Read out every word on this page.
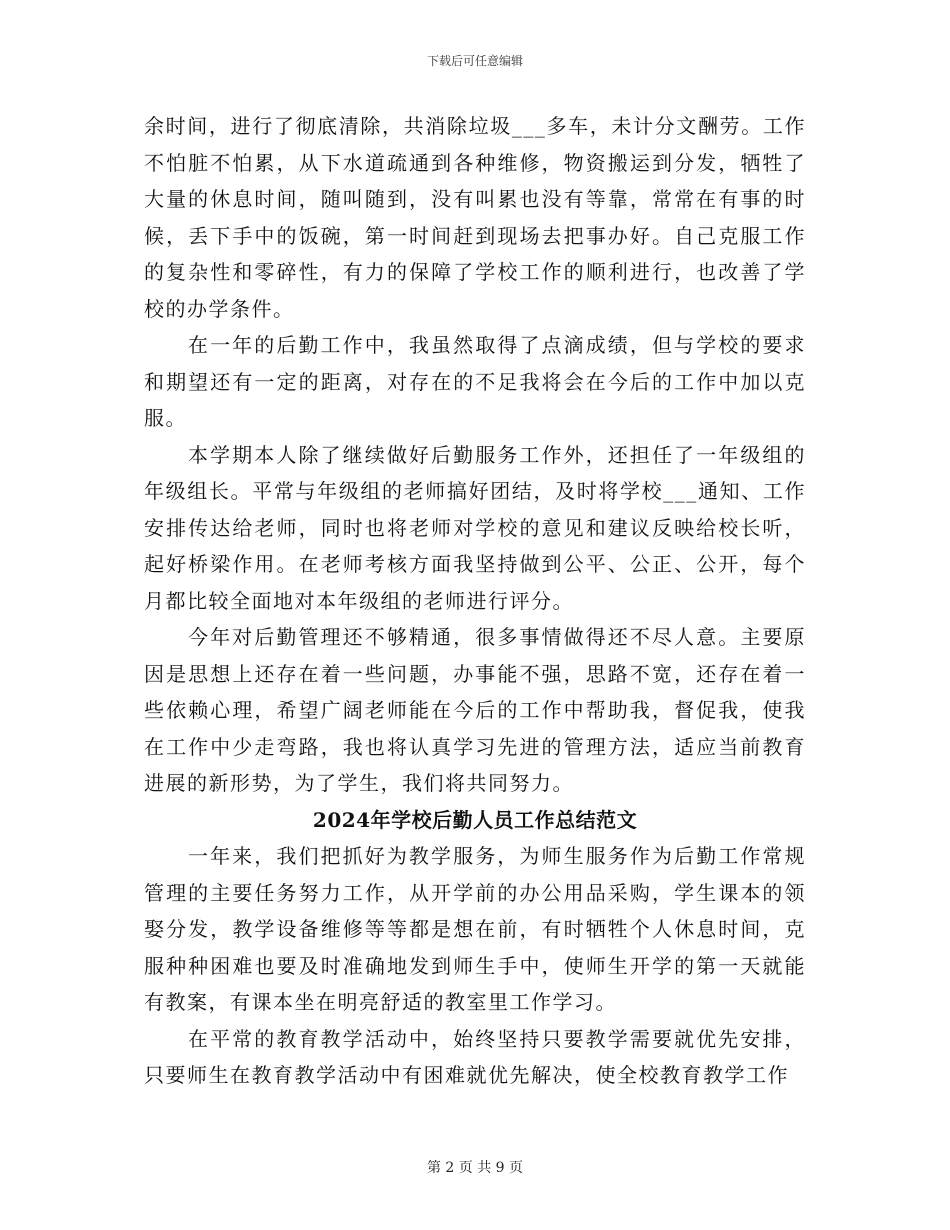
下载后可任意编辑

余时间，进行了彻底清除，共消除垃圾___多车，未计分文酬劳。工作不怕脏不怕累，从下水道疏通到各种维修，物资搬运到分发，牺牲了大量的休息时间，随叫随到，没有叫累也没有等靠，常常在有事的时候，丢下手中的饭碗，第一时间赶到现场去把事办好。自己克服工作的复杂性和零碎性，有力的保障了学校工作的顺利进行，也改善了学校的办学条件。

在一年的后勤工作中，我虽然取得了点滴成绩，但与学校的要求和期望还有一定的距离，对存在的不足我将会在今后的工作中加以克服。

本学期本人除了继续做好后勤服务工作外，还担任了一年级组的年级组长。平常与年级组的老师搞好团结，及时将学校___通知、工作安排传达给老师，同时也将老师对学校的意见和建议反映给校长听，起好桥梁作用。在老师考核方面我坚持做到公平、公正、公开，每个月都比较全面地对本年级组的老师进行评分。

今年对后勤管理还不够精通，很多事情做得还不尽人意。主要原因是思想上还存在着一些问题，办事能不强，思路不宽，还存在着一些依赖心理，希望广阔老师能在今后的工作中帮助我，督促我，使我在工作中少走弯路，我也将认真学习先进的管理方法，适应当前教育进展的新形势，为了学生，我们将共同努力。

2024年学校后勤人员工作总结范文

一年来，我们把抓好为教学服务，为师生服务作为后勤工作常规管理的主要任务努力工作，从开学前的办公用品采购，学生课本的领娶分发，教学设备维修等等都是想在前，有时牺牲个人休息时间，克服种种困难也要及时准确地发到师生手中，使师生开学的第一天就能有教案，有课本坐在明亮舒适的教室里工作学习。

在平常的教育教学活动中，始终坚持只要教学需要就优先安排，只要师生在教育教学活动中有困难就优先解决，使全校教育教学工作

第 2 页 共 9 页
